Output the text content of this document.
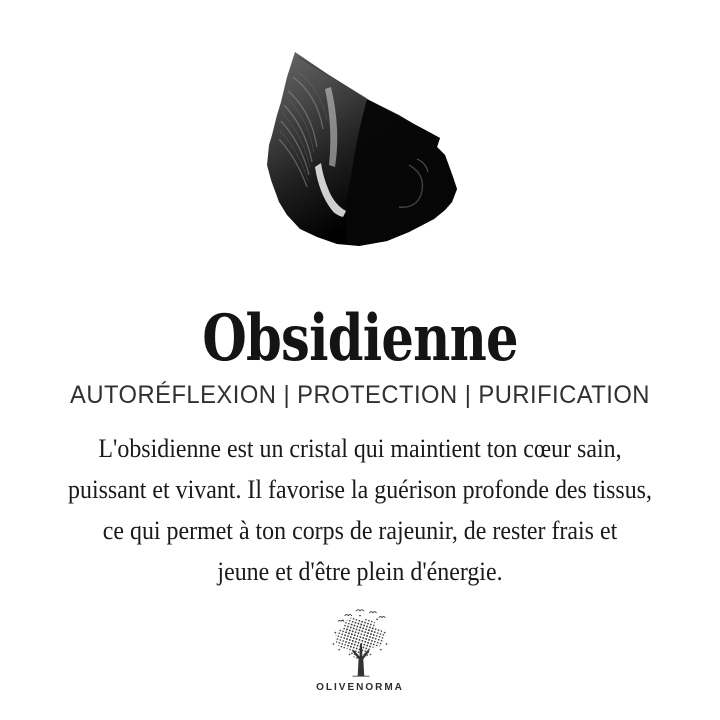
Obsidienne
AUTORÉFLEXION | PROTECTION | PURIFICATION
L'obsidienne est un cristal qui maintient ton cœur sain,
puissant et vivant. Il favorise la guérison profonde des tissus,
ce qui permet à ton corps de rajeunir, de rester frais et
jeune et d'être plein d'énergie.
OLIVENORMA
